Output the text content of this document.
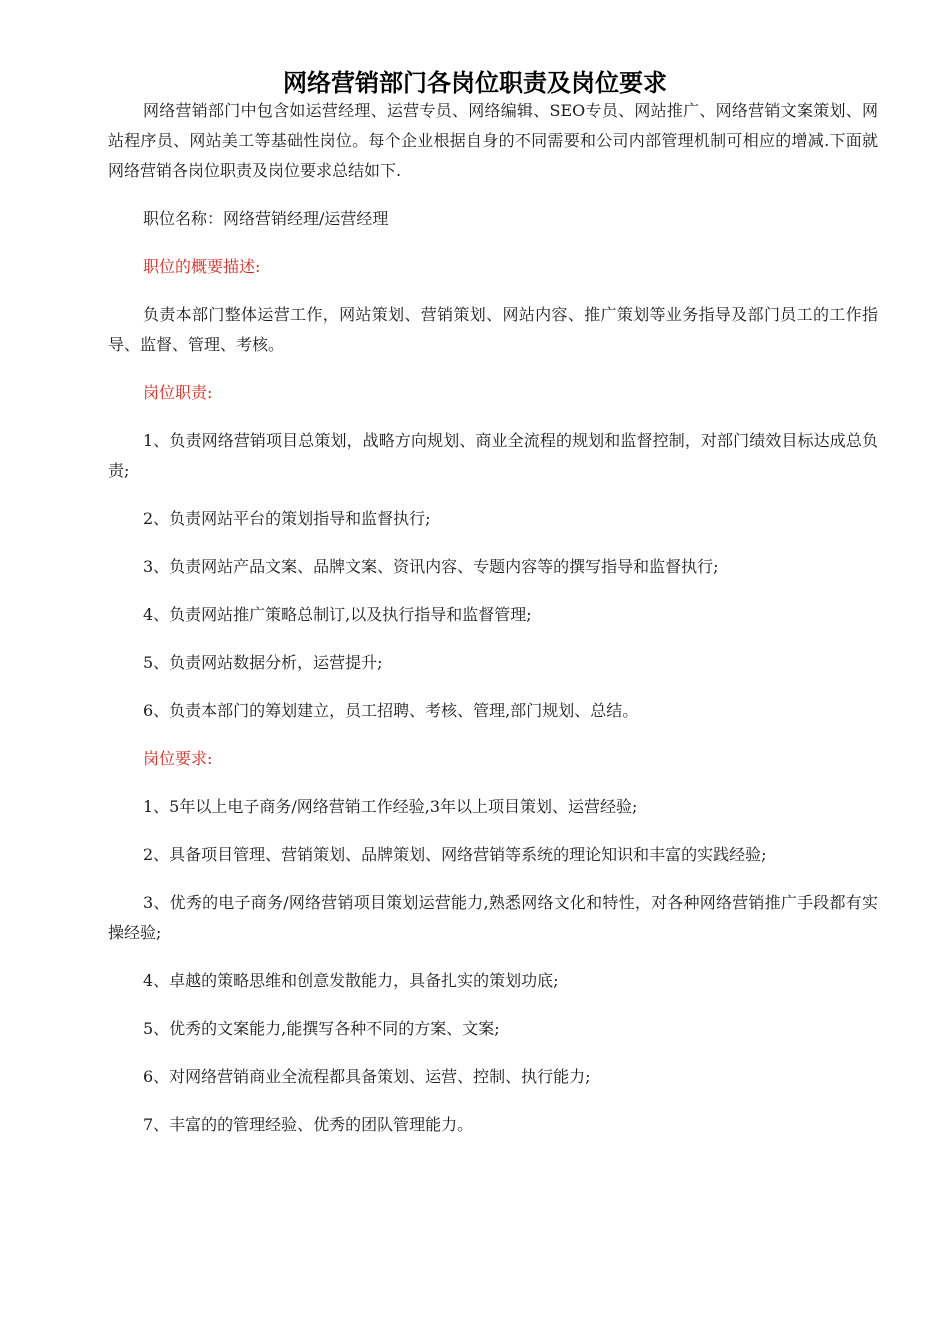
网络营销部门各岗位职责及岗位要求

网络营销部门中包含如运营经理、运营专员、网络编辑、SEO专员、网站推广、网络营销文案策划、网站程序员、网站美工等基础性岗位。每个企业根据自身的不同需要和公司内部管理机制可相应的增减.下面就网络营销各岗位职责及岗位要求总结如下.

职位名称：网络营销经理/运营经理

职位的概要描述:

负责本部门整体运营工作，网站策划、营销策划、网站内容、推广策划等业务指导及部门员工的工作指导、监督、管理、考核。

岗位职责:

1、负责网络营销项目总策划，战略方向规划、商业全流程的规划和监督控制，对部门绩效目标达成总负责;

2、负责网站平台的策划指导和监督执行;

3、负责网站产品文案、品牌文案、资讯内容、专题内容等的撰写指导和监督执行;

4、负责网站推广策略总制订,以及执行指导和监督管理;

5、负责网站数据分析，运营提升;

6、负责本部门的筹划建立，员工招聘、考核、管理,部门规划、总结。

岗位要求:

1、5年以上电子商务/网络营销工作经验,3年以上项目策划、运营经验;

2、具备项目管理、营销策划、品牌策划、网络营销等系统的理论知识和丰富的实践经验;

3、优秀的电子商务/网络营销项目策划运营能力,熟悉网络文化和特性，对各种网络营销推广手段都有实操经验;

4、卓越的策略思维和创意发散能力，具备扎实的策划功底;

5、优秀的文案能力,能撰写各种不同的方案、文案;

6、对网络营销商业全流程都具备策划、运营、控制、执行能力;

7、丰富的的管理经验、优秀的团队管理能力。
